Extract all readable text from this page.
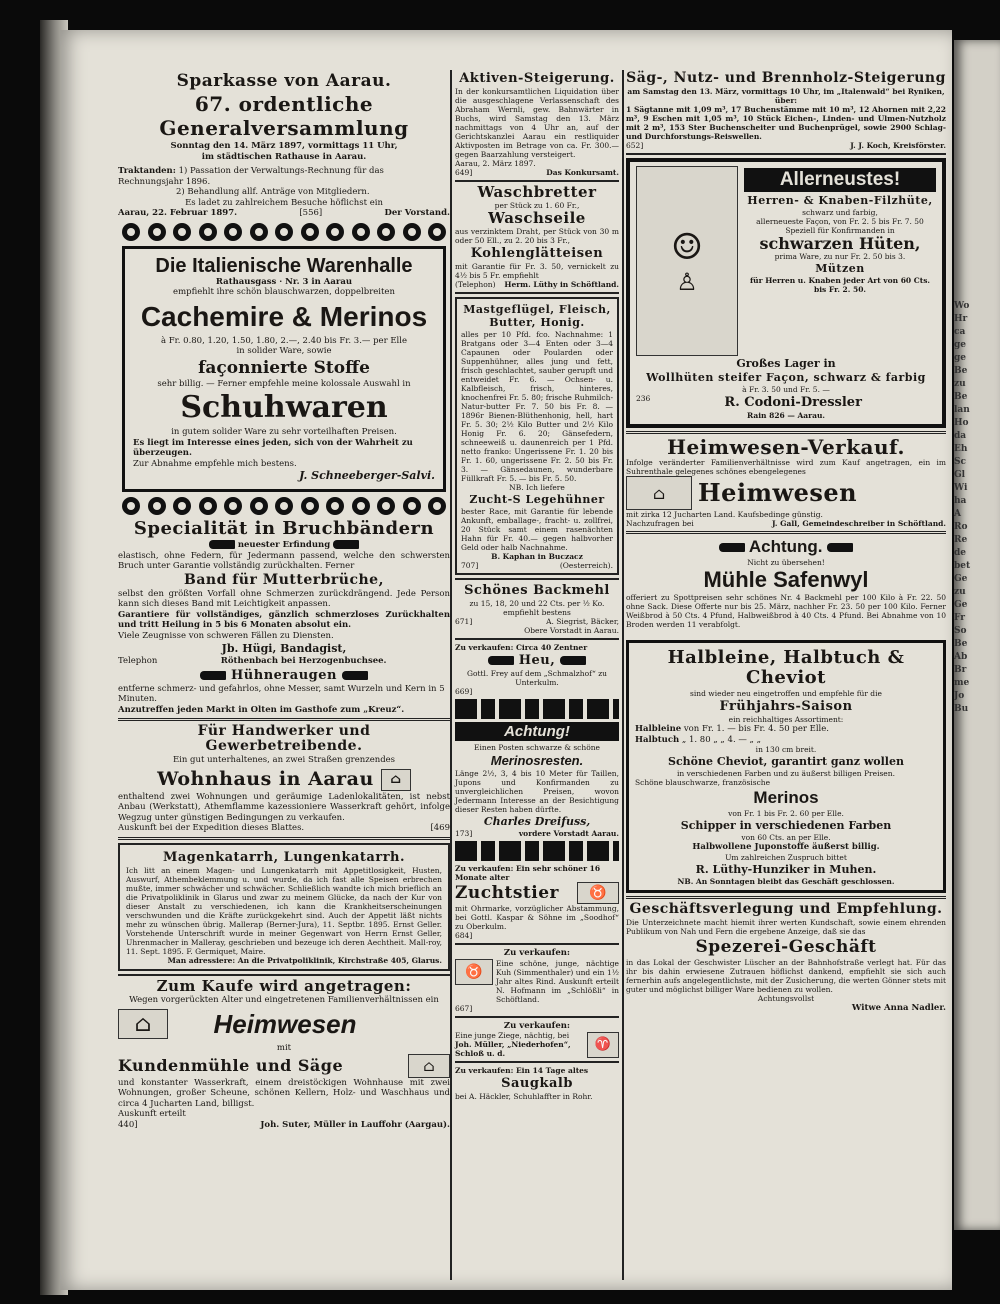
Wo
Hr
ca
ge
ge
Be
zu
Be
lan
Ho
da
Eh
Sc
Gl
Wi
ha
A
Ro
Re
de
bet
Ge
zu
Ge
Fr
So
Be
Ab
Br
me
Jo
Bu
Sparkasse von Aarau.
67. ordentliche Generalversammlung

Sonntag den 14. März 1897, vormittags 11 Uhr,

im städtischen Rathause in Aarau.

Traktanden: 1) Passation der Verwaltungs-Rechnung für das Rechnungsjahr 1896.

2) Behandlung allf. Anträge von Mitgliedern.

Es ladet zu zahlreichem Besuche höflichst ein

Aarau, 22. Februar 1897.	[556]	Der Vorstand.
Die Italienische Warenhalle

Rathausgass · Nr. 3 in Aarau

empfiehlt ihre schön blauschwarzen, doppelbreiten

Cachemire & Merinos

à Fr. 0.80, 1.20, 1.50, 1.80, 2.—, 2.40 bis Fr. 3.— per Elle

in solider Ware, sowie

façonnierte Stoffe

sehr billig. — Ferner empfehle meine kolossale Auswahl in

Schuhwaren

in gutem solider Ware zu sehr vorteilhaften Preisen.

Es liegt im Interesse eines jeden, sich von der Wahrheit zu überzeugen.

Zur Abnahme empfehle mich bestens.

J. Schneeberger-Salvi.

Specialität in Bruchbändern

neuester Erfindung

elastisch, ohne Federn, für Jedermann passend, welche den schwersten Bruch unter Garantie vollständig zurückhalten. Ferner

Band für Mutterbrüche,

selbst den größten Vorfall ohne Schmerzen zurückdrängend. Jede Person kann sich dieses Band mit Leichtigkeit anpassen.

Garantiere für vollständiges, gänzlich schmerzloses Zurückhalten und tritt Heilung in 5 bis 6 Monaten absolut ein.

Viele Zeugnisse von schweren Fällen zu Diensten.

Jb. Hügi, Bandagist,

Telephon	Röthenbach bei Herzogenbuchsee.
Hühneraugen

entferne schmerz- und gefahrlos, ohne Messer, samt Wurzeln und Kern in 5 Minuten.

Anzutreffen jeden Markt in Olten im Gasthofe zum „Kreuz“.

Für Handwerker und Gewerbetreibende.

Ein gut unterhaltenes, an zwei Straßen grenzendes

Wohnhaus in Aarau ⌂

enthaltend zwei Wohnungen und geräumige Ladenlokalitäten, ist nebst Anbau (Werkstatt), Athemflamme kazessioniere Wasserkraft gehört, infolge Wegzug unter günstigen Bedingungen zu verkaufen.

Auskunft bei der Expedition dieses Blattes.	[469
Magenkatarrh, Lungenkatarrh.

Ich litt an einem Magen- und Lungenkatarrh mit Appetitlosigkeit, Husten, Auswurf, Athembeklemmung u. und wurde, da ich fast alle Speisen erbrechen mußte, immer schwächer und schwächer. Schließlich wandte ich mich brieflich an die Privatpoliklinik in Glarus und zwar zu meinem Glücke, da nach der Kur von dieser Anstalt zu verschiedenen, ich kann die Krankheitserscheinungen verschwunden und die Kräfte zurückgekehrt sind. Auch der Appetit läßt nichts mehr zu wünschen übrig. Mallerap (Berner-Jura), 11. Septbr. 1895. Ernst Geller. Vorstehende Unterschrift wurde in meiner Gegenwart von Herrn Ernst Geller, Uhrenmacher in Malleray, geschrieben und bezeuge ich deren Aechtheit. Mall-roy, 11. Sept. 1895. F. Germiquet, Maire.

Man adressiere: An die Privatpoliklinik, Kirchstraße 405, Glarus.

Zum Kaufe wird angetragen:

Wegen vorgerückten Alter und eingetretenen Familienverhältnissen ein

⌂	Heimwesen

mit

Kundenmühle und Säge	⌂

und konstanter Wasserkraft, einem dreistöckigen Wohnhause mit zwei Wohnungen, großer Scheune, schönen Kellern, Holz- und Waschhaus und circa 4 Jucharten Land, billigst.

Auskunft erteilt

440]	Joh. Suter, Müller in Lauffohr (Aargau).
Aktiven-Steigerung.

In der konkursamtlichen Liquidation über die ausgeschlagene Verlassenschaft des Abraham Wernli, gew. Bahnwärter in Buchs, wird Samstag den 13. März nachmittags von 4 Uhr an, auf der Gerichtskanzlei Aarau ein restliquider Aktivposten im Betrage von ca. Fr. 300.— gegen Baarzahlung versteigert.

Aarau, 2. März 1897.

649]	Das Konkursamt.
Waschbretter

per Stück zu 1. 60 Fr.,

Waschseile

aus verzinktem Draht, per Stück von 30 m oder 50 Ell., zu 2. 20 bis 3 Fr.,

Kohlenglätteisen

mit Garantie für Fr. 3. 50, vernickelt zu 4½ bis 5 Fr. empfiehlt

(Telephon) Herm. Lüthy in Schöftland.
Mastgeflügel, Fleisch, Butter, Honig.

alles per 10 Pfd. fco. Nachnahme: 1 Bratgans oder 3—4 Enten oder 3—4 Capaunen oder Poularden oder Suppenhühner, alles jung und fett, frisch geschlachtet, sauber gerupft und entweidet Fr. 6. — Ochsen- u. Kalbfleisch, frisch, hinteres, knochenfrei Fr. 5. 80; frische Ruhmilch-Natur-butter Fr. 7. 50 bis Fr. 8. — 1896r Bienen-Blüthenhonig, hell, hart Fr. 5. 30; 2½ Kilo Butter und 2½ Kilo Honig Fr. 6. 20; Gänsefedern, schneeweiß u. daunenreich per 1 Pfd. netto franko: Ungerissene Fr. 1. 20 bis Fr. 1. 60, ungerissene Fr. 2. 50 bis Fr. 3. — Gänsedaunen, wunderbare Füllkraft Fr. 5. — bis Fr. 5. 50.

NB. Ich liefere

Zucht-S Legehühner

bester Race, mit Garantie für lebende Ankunft, emballage-, fracht- u. zollfrei, 20 Stück samt einem rasenächten Hahn für Fr. 40.— gegen halbvorher Geld oder halb Nachnahme.

B. Kaphan in Buczacz

707]	(Oesterreich).
Schönes Backmehl

zu 15, 18, 20 und 22 Cts. per ½ Ko. empfiehlt bestens

671]	A. Siegrist, Bäcker,

Obere Vorstadt in Aarau.

Zu verkaufen: Circa 40 Zentner

Heu,

Gottl. Frey auf dem „Schmalzhof“ zu Unterkulm.

669]

Achtung!

Einen Posten schwarze & schöne

Merinosresten.

Länge 2½, 3, 4 bis 10 Meter für Taillen, Jupons und Konfirmanden zu unvergleichlichen Preisen, wovon Jedermann Interesse an der Besichtigung dieser Resten haben dürfte.

Charles Dreifuss,
173]	vordere Vorstadt Aarau.

Zu verkaufen: Ein sehr schöner 16 Monate alter

Zuchtstier	♉

mit Ohrmarke, vorzüglicher Abstammung, bei Gottl. Kaspar & Söhne im „Soodhof“ zu Oberkulm.

684]

Zu verkaufen:
♉

Eine schöne, junge, nächtige Kuh (Simmenthaler) und ein 1½ Jahr altes Rind. Auskunft erteilt N. Hofmann im „Schlößli“ in Schöftland.

667]

Zu verkaufen:

Eine junge Ziege, nächtig, bei

Joh. Müller, „Niederhofen“, Schloß u. d.

♈

Zu verkaufen: Ein 14 Tage altes

Saugkalb

bei A. Häckler, Schuhlaffter in Rohr.

Säg-, Nutz- und Brennholz-Steigerung

am Samstag den 13. März, vormittags 10 Uhr, im „Italenwald“ bei Ryniken, über:

1 Sägtanne mit 1,09 m³, 17 Buchenstämme mit 10 m³, 12 Ahornen mit 2,22 m³, 9 Eschen mit 1,05 m³, 10 Stück Eichen-, Linden- und Ulmen-Nutzholz mit 2 m³, 153 Ster Buchenscheiter und Buchenprügel, sowie 2900 Schlag- und Durchforstungs-Reiswellen.

652]	J. J. Koch, Kreisförster.
☺
♙
Allerneustes!
Herren- & Knaben-Filzhüte,

schwarz und farbig,

allerneueste Façon, von Fr. 2. 5 bis Fr. 7. 50

Speziell für Konfirmanden in

schwarzen Hüten,

prima Ware, zu nur Fr. 2. 50 bis 3.

Mützen

für Herren u. Knaben jeder Art von 60 Cts. bis Fr. 2. 50.

Großes Lager in
Wollhüten steifer Façon, schwarz & farbig

à Fr. 3. 50 und Fr. 5. —

236	R. Codoni-Dressler

Rain 826 — Aarau.

Heimwesen-Verkauf.

Infolge veränderter Familienverhältnisse wird zum Kauf angetragen, ein im Suhrenthale gelegenes schönes ebengelegenes

⌂	Heimwesen

mit zirka 12 Jucharten Land. Kaufsbedinge günstig.

Nachzufragen bei	J. Gall, Gemeindeschreiber in Schöftland.
Achtung.

Nicht zu übersehen!

Mühle Safenwyl

offeriert zu Spottpreisen sehr schönes Nr. 4 Backmehl per 100 Kilo à Fr. 22. 50 ohne Sack. Diese Offerte nur bis 25. März, nachher Fr. 23. 50 per 100 Kilo. Ferner Weißbrod à 50 Cts. 4 Pfund, Halbweißbrod à 40 Cts. 4 Pfund. Bei Abnahme von 10 Broden werden 11 verabfolgt.

Halbleine, Halbtuch & Cheviot

sind wieder neu eingetroffen und empfehle für die

Frühjahrs-Saison

ein reichhaltiges Assortiment:

Halbleine von Fr. 1. — bis Fr. 4. 50 per Elle.

Halbtuch „ 1. 80 „ „ 4. — „ „

in 130 cm breit.

Schöne Cheviot, garantirt ganz wollen

in verschiedenen Farben und zu äußerst billigen Preisen.

Schöne blauschwarze, französische

Merinos

von Fr. 1 bis Fr. 2. 60 per Elle.

Schipper in verschiedenen Farben

von 60 Cts. an per Elle.

Halbwollene Juponstoffe äußerst billig.

Um zahlreichen Zuspruch bittet

R. Lüthy-Hunziker in Muhen.

NB. An Sonntagen bleibt das Geschäft geschlossen.

Geschäftsverlegung und Empfehlung.

Die Unterzeichnete macht hiemit ihrer werten Kundschaft, sowie einem ehrenden Publikum von Nah und Fern die ergebene Anzeige, daß sie das

Spezerei-Geschäft

in das Lokal der Geschwister Lüscher an der Bahnhofstraße verlegt hat. Für das ihr bis dahin erwiesene Zutrauen höflichst dankend, empfiehlt sie sich auch fernerhin aufs angelegentlichste, mit der Zusicherung, die werten Gönner stets mit guter und möglichst billiger Ware bedienen zu wollen.

Achtungsvollst

Witwe Anna Nadler.
